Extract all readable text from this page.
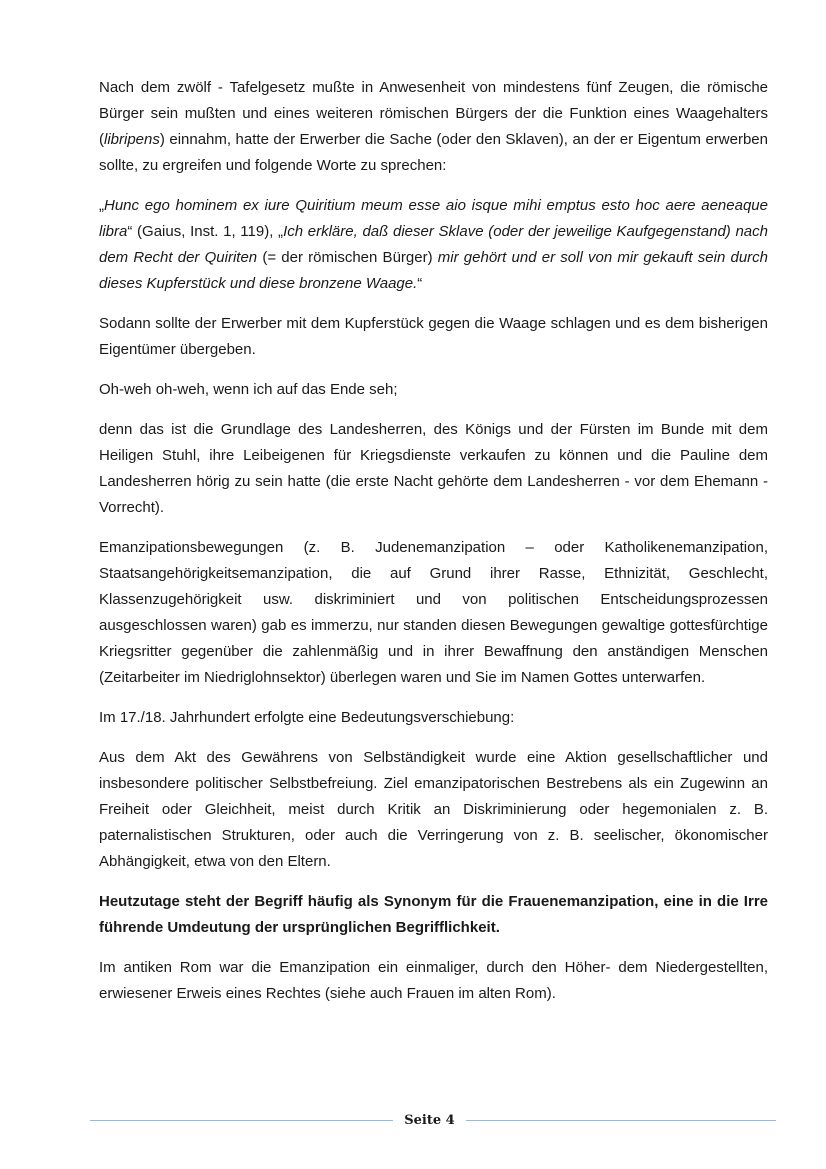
Nach dem zwölf - Tafelgesetz mußte in Anwesenheit von mindestens fünf Zeugen, die römische Bürger sein mußten und eines weiteren römischen Bürgers der die Funktion eines Waagehalters (libripens) einnahm, hatte der Erwerber die Sache (oder den Sklaven), an der er Eigentum erwerben sollte, zu ergreifen und folgende Worte zu sprechen:

„Hunc ego hominem ex iure Quiritium meum esse aio isque mihi emptus esto hoc aere aeneaque libra“ (Gaius, Inst. 1, 119), „Ich erkläre, daß dieser Sklave (oder der jeweilige Kaufgegenstand) nach dem Recht der Quiriten (= der römischen Bürger) mir gehört und er soll von mir gekauft sein durch dieses Kupferstück und diese bronzene Waage.“

Sodann sollte der Erwerber mit dem Kupferstück gegen die Waage schlagen und es dem bisherigen Eigentümer übergeben.

Oh-weh oh-weh, wenn ich auf das Ende seh;

denn das ist die Grundlage des Landesherren, des Königs und der Fürsten im Bunde mit dem Heiligen Stuhl, ihre Leibeigenen für Kriegsdienste verkaufen zu können und die Pauline dem Landesherren hörig zu sein hatte (die erste Nacht gehörte dem Landesherren - vor dem Ehemann - Vorrecht).

Emanzipationsbewegungen (z. B. Judenemanzipation – oder Katholikenemanzipation, Staatsangehörigkeitsemanzipation, die auf Grund ihrer Rasse, Ethnizität, Geschlecht, Klassenzugehörigkeit usw. diskriminiert und von politischen Entscheidungsprozessen ausgeschlossen waren) gab es immerzu, nur standen diesen Bewegungen gewaltige gottesfürchtige Kriegsritter gegenüber die zahlenmäßig und in ihrer Bewaffnung den anständigen Menschen (Zeitarbeiter im Niedriglohnsektor) überlegen waren und Sie im Namen Gottes unterwarfen.

Im 17./18. Jahrhundert erfolgte eine Bedeutungsverschiebung:

Aus dem Akt des Gewährens von Selbständigkeit wurde eine Aktion gesellschaftlicher und insbesondere politischer Selbstbefreiung. Ziel emanzipatorischen Bestrebens als ein Zugewinn an Freiheit oder Gleichheit, meist durch Kritik an Diskriminierung oder hegemonialen z. B. paternalistischen Strukturen, oder auch die Verringerung von z. B. seelischer, ökonomischer Abhängigkeit, etwa von den Eltern.

Heutzutage steht der Begriff häufig als Synonym für die Frauenemanzipation, eine in die Irre führende Umdeutung der ursprünglichen Begrifflichkeit.

Im antiken Rom war die Emanzipation ein einmaliger, durch den Höher- dem Niedergestellten, erwiesener Erweis eines Rechtes (siehe auch Frauen im alten Rom).

Seite 4
